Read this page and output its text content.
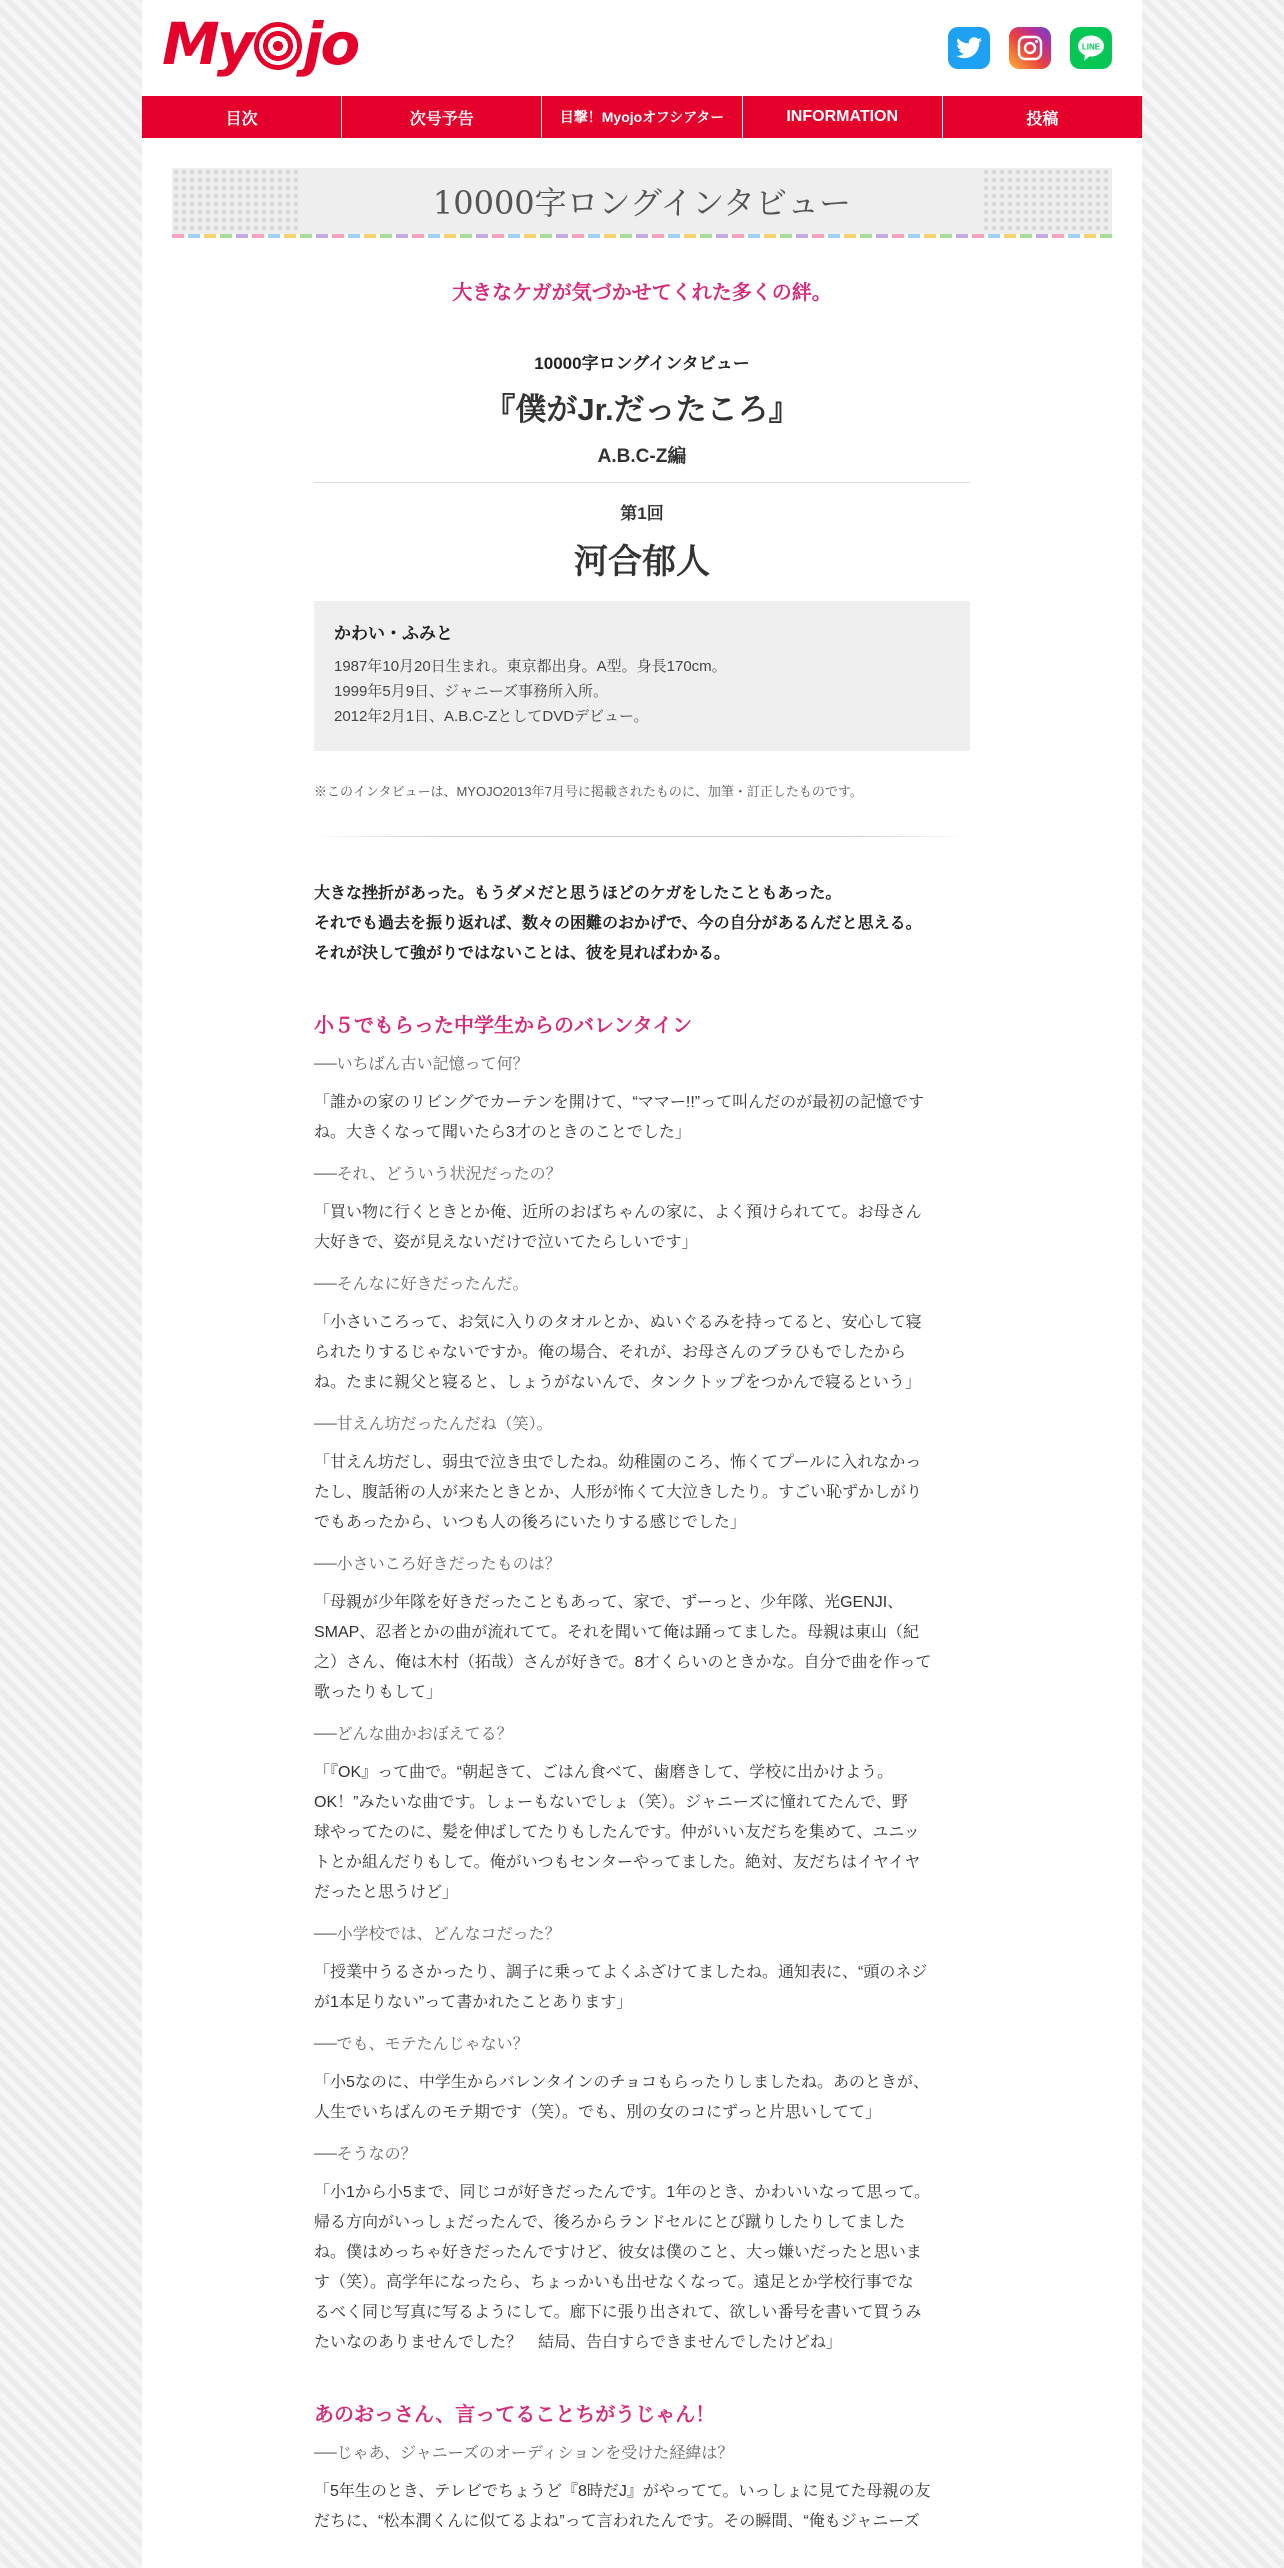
My jo	LINE
目次	次号予告	目撃！Myojoオフシアター	INFORMATION	投稿
10000字ロングインタビュー
大きなケガが気づかせてくれた多くの絆。
10000字ロングインタビュー
『僕がJr.だったころ』
A.B.C-Z編
第1回
河合郁人
かわい・ふみと

1987年10月20日生まれ。東京都出身。A型。身長170cm。

1999年5月9日、ジャニーズ事務所入所。

2012年2月1日、A.B.C-ZとしてDVDデビュー。

※このインタビューは、MYOJO2013年7月号に掲載されたものに、加筆・訂正したものです。
大きな挫折があった。もうダメだと思うほどのケガをしたこともあった。
それでも過去を振り返れば、数々の困難のおかげで、今の自分があるんだと思える。
それが決して強がりではないことは、彼を見ればわかる。
小５でもらった中学生からのバレンタイン
──いちばん古い記憶って何？
「誰かの家のリビングでカーテンを開けて、“ママー!!”って叫んだのが最初の記憶です
ね。大きくなって聞いたら3才のときのことでした」
──それ、どういう状況だったの？
「買い物に行くときとか俺、近所のおばちゃんの家に、よく預けられてて。お母さん
大好きで、姿が見えないだけで泣いてたらしいです」
──そんなに好きだったんだ。
「小さいころって、お気に入りのタオルとか、ぬいぐるみを持ってると、安心して寝
られたりするじゃないですか。俺の場合、それが、お母さんのブラひもでしたから
ね。たまに親父と寝ると、しょうがないんで、タンクトップをつかんで寝るという」
──甘えん坊だったんだね（笑）。
「甘えん坊だし、弱虫で泣き虫でしたね。幼稚園のころ、怖くてプールに入れなかっ
たし、腹話術の人が来たときとか、人形が怖くて大泣きしたり。すごい恥ずかしがり
でもあったから、いつも人の後ろにいたりする感じでした」
──小さいころ好きだったものは？
「母親が少年隊を好きだったこともあって、家で、ずーっと、少年隊、光GENJI、
SMAP、忍者とかの曲が流れてて。それを聞いて俺は踊ってました。母親は東山（紀
之）さん、俺は木村（拓哉）さんが好きで。8才くらいのときかな。自分で曲を作って
歌ったりもして」
──どんな曲かおぼえてる？
「『OK』って曲で。“朝起きて、ごはん食べて、歯磨きして、学校に出かけよう。
OK！”みたいな曲です。しょーもないでしょ（笑）。ジャニーズに憧れてたんで、野
球やってたのに、髪を伸ばしてたりもしたんです。仲がいい友だちを集めて、ユニッ
トとか組んだりもして。俺がいつもセンターやってました。絶対、友だちはイヤイヤ
だったと思うけど」
──小学校では、どんなコだった？
「授業中うるさかったり、調子に乗ってよくふざけてましたね。通知表に、“頭のネジ
が1本足りない”って書かれたことあります」
──でも、モテたんじゃない？
「小5なのに、中学生からバレンタインのチョコもらったりしましたね。あのときが、
人生でいちばんのモテ期です（笑）。でも、別の女のコにずっと片思いしてて」
──そうなの？
「小1から小5まで、同じコが好きだったんです。1年のとき、かわいいなって思って。
帰る方向がいっしょだったんで、後ろからランドセルにとび蹴りしたりしてました
ね。僕はめっちゃ好きだったんですけど、彼女は僕のこと、大っ嫌いだったと思いま
す（笑）。高学年になったら、ちょっかいも出せなくなって。遠足とか学校行事でな
るべく同じ写真に写るようにして。廊下に張り出されて、欲しい番号を書いて買うみ
たいなのありませんでした？　結局、告白すらできませんでしたけどね」
あのおっさん、言ってることちがうじゃん！
──じゃあ、ジャニーズのオーディションを受けた経緯は？
「5年生のとき、テレビでちょうど『8時だJ』がやってて。いっしょに見てた母親の友
だちに、“松本潤くんに似てるよね”って言われたんです。その瞬間、“俺もジャニーズ
